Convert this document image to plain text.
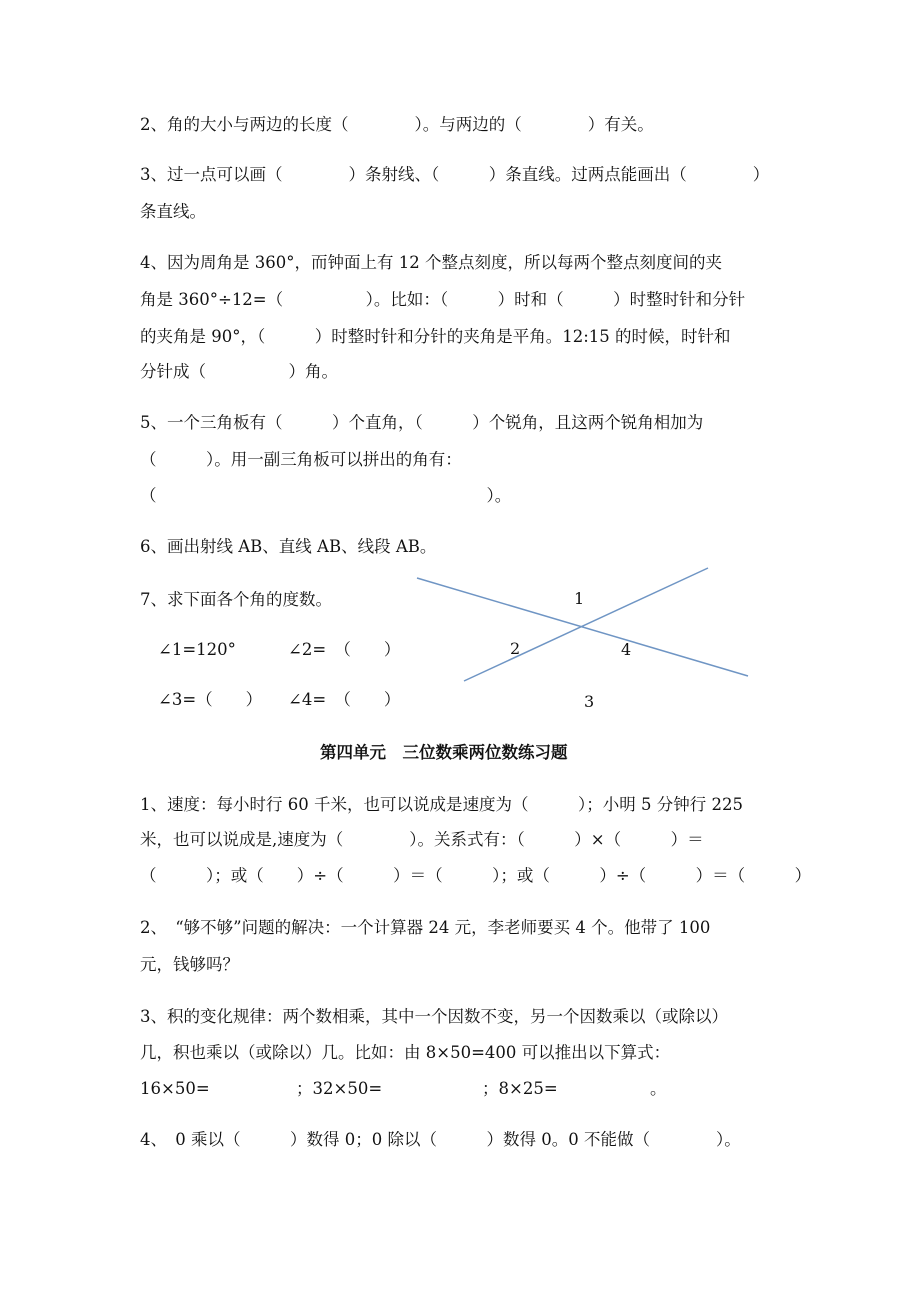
2、角的大小与两边的长度（　　　　）。与两边的（　　　　）有关。
3、过一点可以画（　　　　）条射线、（　　　）条直线。过两点能画出（　　　　）
条直线。
4、因为周角是 360°，而钟面上有 12 个整点刻度，所以每两个整点刻度间的夹
角是 360°÷12=（　　　　　）。比如：（　　　）时和（　　　）时整时针和分针
的夹角是 90°，（　　　）时整时针和分针的夹角是平角。12:15 的时候，时针和
分针成（　　　　　）角。
5、一个三角板有（　　　）个直角，（　　　）个锐角，且这两个锐角相加为
（　　　）。用一副三角板可以拼出的角有：
（　　　　　　　　　　　　　　　　　　　　）。
6、画出射线 AB、直线 AB、线段 AB。
7、求下面各个角的度数。
∠1=120°	∠2=　（　　）
∠3=（　　） ∠4=　（　　）
1
2	4
3
第四单元　三位数乘两位数练习题
1、速度：每小时行 60 千米，也可以说成是速度为（　　　）；小明 5 分钟行 225
米，也可以说成是,速度为（　　　　）。关系式有：（　　　）×（　　　）＝
（　　　）；或（　　）÷（　　　）＝（　　　）；或（　　　）÷（　　　）＝（　　　）
2、　“够不够”问题的解决：一个计算器 24 元，李老师要买 4 个。他带了 100
元，钱够吗？
3、积的变化规律：两个数相乘，其中一个因数不变，另一个因数乘以（或除以）
几，积也乘以（或除以）几。比如：由 8×50=400 可以推出以下算式：
16×50=	；32×50=	；8×25=	。
4、　0 乘以（　　　）数得 0；0 除以（　　　）数得 0。0 不能做（　　　　）。
